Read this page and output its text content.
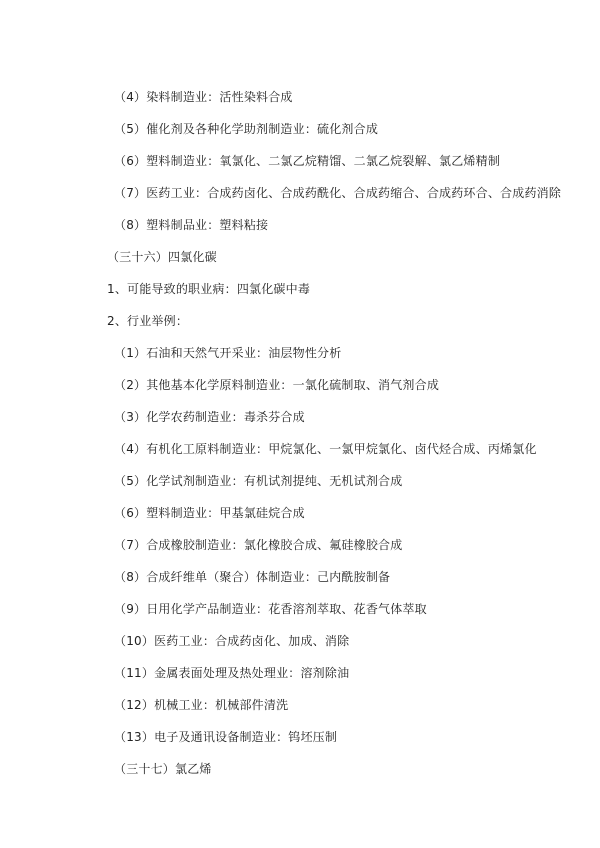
（4）染料制造业：活性染料合成
（5）催化剂及各种化学助剂制造业：硫化剂合成
（6）塑料制造业：氧氯化、二氯乙烷精馏、二氯乙烷裂解、氯乙烯精制
（7）医药工业：合成药卤化、合成药酰化、合成药缩合、合成药环合、合成药消除
（8）塑料制品业：塑料粘接
（三十六）四氯化碳
1、可能导致的职业病：四氯化碳中毒
2、行业举例：
（1）石油和天然气开采业：油层物性分析
（2）其他基本化学原料制造业：一氯化硫制取、消气剂合成
（3）化学农药制造业：毒杀芬合成
（4）有机化工原料制造业：甲烷氯化、一氯甲烷氯化、卤代烃合成、丙烯氯化
（5）化学试剂制造业：有机试剂提纯、无机试剂合成
（6）塑料制造业：甲基氯硅烷合成
（7）合成橡胶制造业：氯化橡胶合成、氟硅橡胶合成
（8）合成纤维单（聚合）体制造业：己内酰胺制备
（9）日用化学产品制造业：花香溶剂萃取、花香气体萃取
（10）医药工业：合成药卤化、加成、消除
（11）金属表面处理及热处理业：溶剂除油
（12）机械工业：机械部件清洗
（13）电子及通讯设备制造业：钨坯压制
（三十七）氯乙烯
